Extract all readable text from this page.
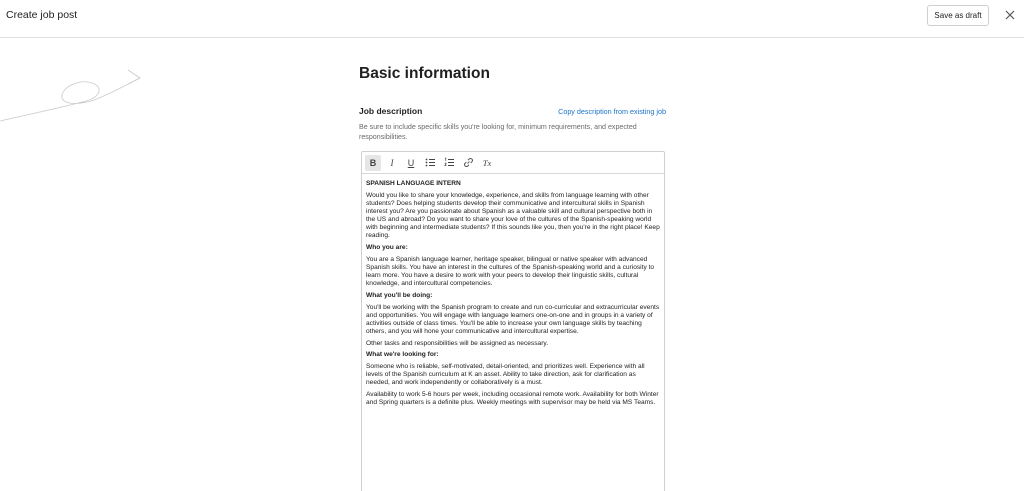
Create job post	Save as draft
Basic information
Job description	Copy description from existing job
Be sure to include specific skills you're looking for, minimum requirements, and expected responsibilities.
B I U	Tx

SPANISH LANGUAGE INTERN

Would you like to share your knowledge, experience, and skills from language learning with other students? Does helping students develop their communicative and intercultural skills in Spanish interest you? Are you passionate about Spanish as a valuable skill and cultural perspective both in the US and abroad? Do you want to share your love of the cultures of the Spanish-speaking world with beginning and intermediate students? If this sounds like you, then you're in the right place! Keep reading.

Who you are:

You are a Spanish language learner, heritage speaker, bilingual or native speaker with advanced Spanish skills. You have an interest in the cultures of the Spanish-speaking world and a curiosity to learn more. You have a desire to work with your peers to develop their linguistic skills, cultural knowledge, and intercultural competencies.

What you'll be doing:

You'll be working with the Spanish program to create and run co-curricular and extracurricular events and opportunities. You will engage with language learners one-on-one and in groups in a variety of activities outside of class times. You'll be able to increase your own language skills by teaching others, and you will hone your communicative and intercultural expertise.

Other tasks and responsibilities will be assigned as necessary.

What we're looking for:

Someone who is reliable, self-motivated, detail-oriented, and prioritizes well. Experience with all levels of the Spanish curriculum at K an asset. Ability to take direction, ask for clarification as needed, and work independently or collaboratively is a must.

Availability to work 5-6 hours per week, including occasional remote work. Availability for both Winter and Spring quarters is a definite plus. Weekly meetings with supervisor may be held via MS Teams.
